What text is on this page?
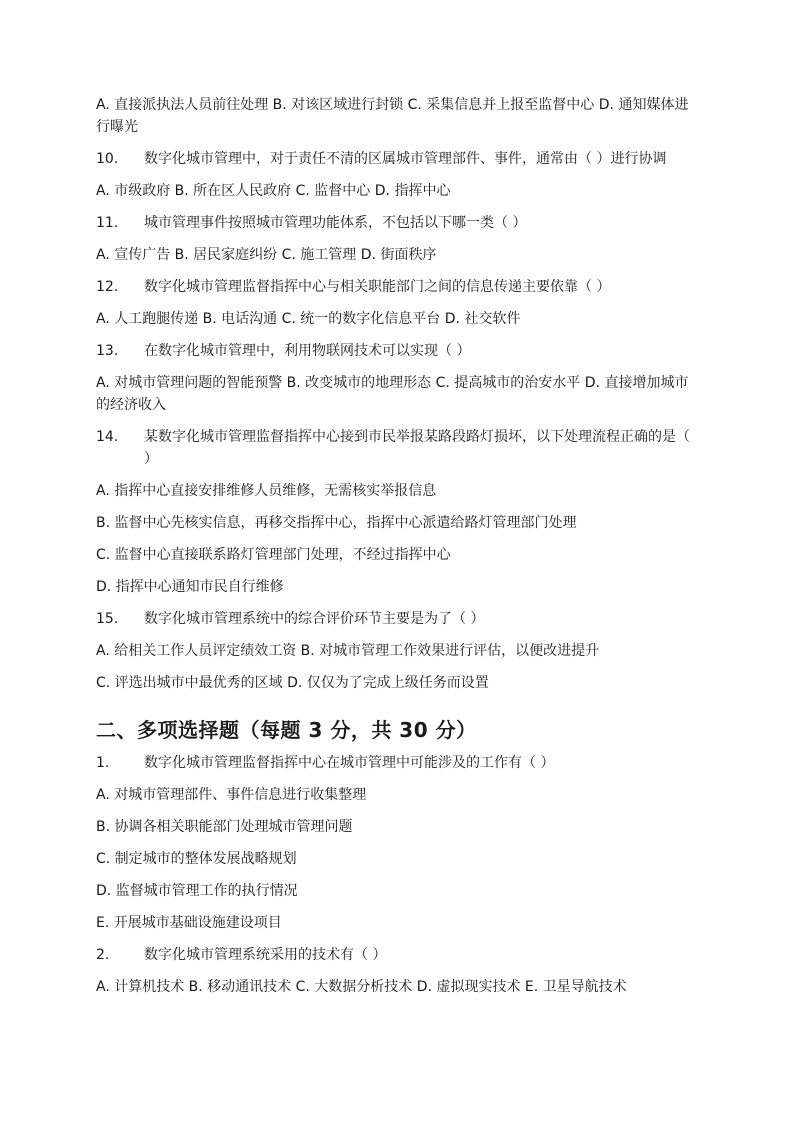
A. 直接派执法人员前往处理 B. 对该区域进行封锁 C. 采集信息并上报至监督中心 D. 通知媒体进行曝光

10.	数字化城市管理中，对于责任不清的区属城市管理部件、事件，通常由（ ）进行协调

A. 市级政府 B. 所在区人民政府 C. 监督中心 D. 指挥中心

11.	城市管理事件按照城市管理功能体系，不包括以下哪一类（ ）

A. 宣传广告 B. 居民家庭纠纷 C. 施工管理 D. 街面秩序

12.	数字化城市管理监督指挥中心与相关职能部门之间的信息传递主要依靠（ ）

A. 人工跑腿传递 B. 电话沟通 C. 统一的数字化信息平台 D. 社交软件

13.	在数字化城市管理中，利用物联网技术可以实现（ ）

A. 对城市管理问题的智能预警 B. 改变城市的地理形态 C. 提高城市的治安水平 D. 直接增加城市的经济收入

14.	某数字化城市管理监督指挥中心接到市民举报某路段路灯损坏，以下处理流程正确的是（ ）

A. 指挥中心直接安排维修人员维修，无需核实举报信息

B. 监督中心先核实信息，再移交指挥中心，指挥中心派遣给路灯管理部门处理

C. 监督中心直接联系路灯管理部门处理，不经过指挥中心

D. 指挥中心通知市民自行维修

15.	数字化城市管理系统中的综合评价环节主要是为了（ ）

A. 给相关工作人员评定绩效工资 B. 对城市管理工作效果进行评估，以便改进提升

C. 评选出城市中最优秀的区域 D. 仅仅为了完成上级任务而设置

二、多项选择题（每题 3 分，共 30 分）
1.	数字化城市管理监督指挥中心在城市管理中可能涉及的工作有（ ）

A. 对城市管理部件、事件信息进行收集整理

B. 协调各相关职能部门处理城市管理问题

C. 制定城市的整体发展战略规划

D. 监督城市管理工作的执行情况

E. 开展城市基础设施建设项目

2.	数字化城市管理系统采用的技术有（ ）

A. 计算机技术 B. 移动通讯技术 C. 大数据分析技术 D. 虚拟现实技术 E. 卫星导航技术
